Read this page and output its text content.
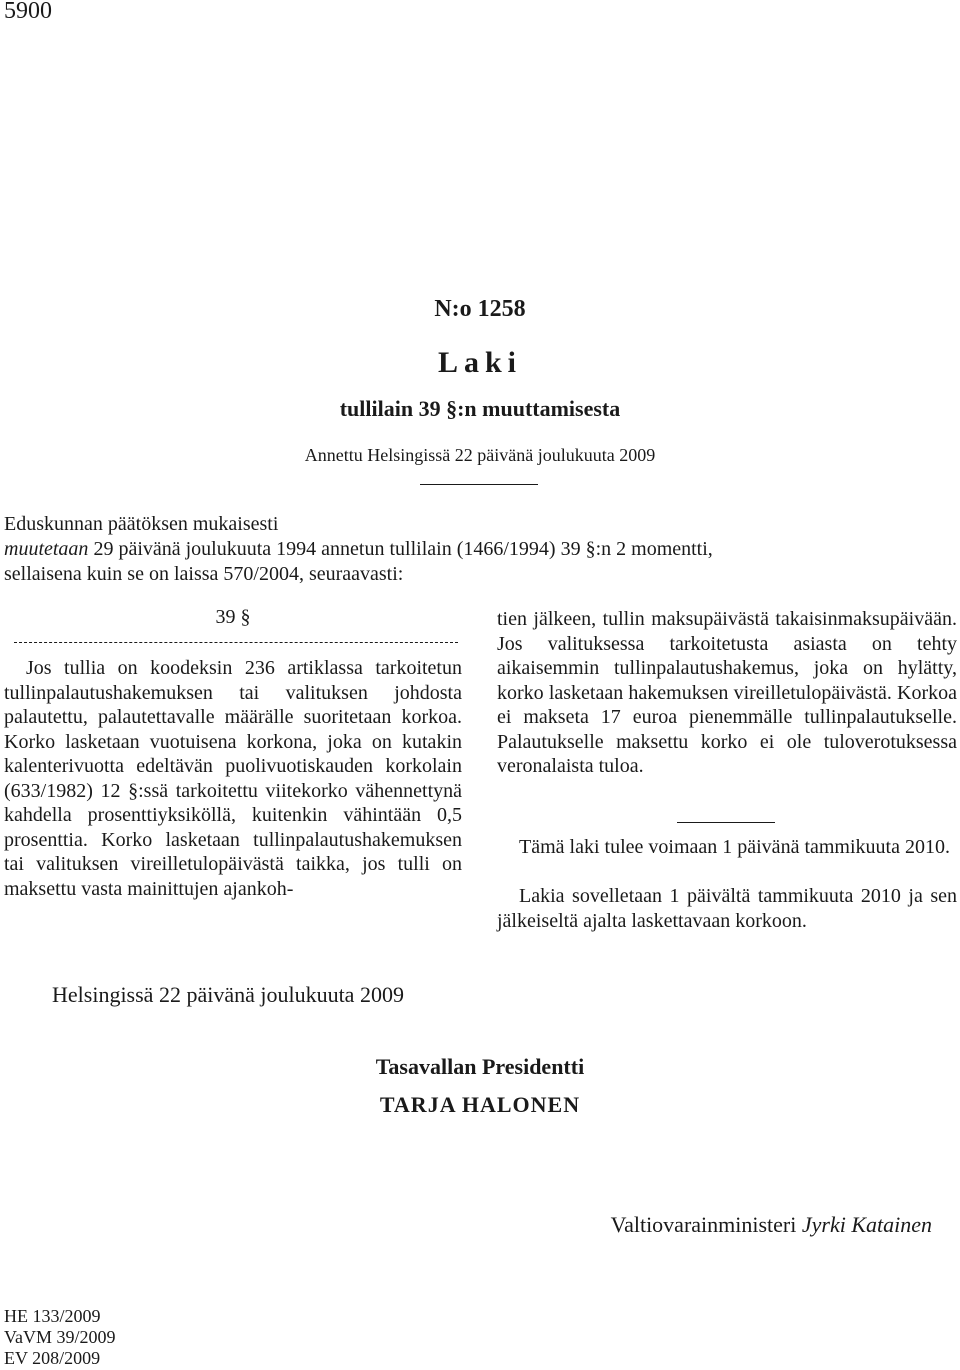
5900
N:o 1258
Laki
tullilain 39 §:n muuttamisesta
Annettu Helsingissä 22 päivänä joulukuuta 2009
Eduskunnan päätöksen mukaisesti
muutetaan 29 päivänä joulukuuta 1994 annetun tullilain (1466/1994) 39 §:n 2 momentti,
sellaisena kuin se on laissa 570/2004, seuraavasti:
39 §

Jos tullia on koodeksin 236 artiklassa tarkoitetun tullinpalautushakemuksen tai valituksen johdosta palautettu, palautettavalle määrälle suoritetaan korkoa. Korko lasketaan vuotuisena korkona, joka on kutakin kalenterivuotta edeltävän puolivuotiskauden korkolain (633/1982) 12 §:ssä tarkoitettu viitekorko vähennettynä kahdella prosenttiyksiköllä, kuitenkin vähintään 0,5 prosenttia. Korko lasketaan tullinpalautushakemuksen tai valituksen vireilletulopäivästä taikka, jos tulli on maksettu vasta mainittujen ajankoh-

tien jälkeen, tullin maksupäivästä takaisinmaksupäivään. Jos valituksessa tarkoitetusta asiasta on tehty aikaisemmin tullinpalautushakemus, joka on hylätty, korko lasketaan hakemuksen vireilletulopäivästä. Korkoa ei makseta 17 euroa pienemmälle tullinpalautukselle. Palautukselle maksettu korko ei ole tuloverotuksessa veronalaista tuloa.

Tämä laki tulee voimaan 1 päivänä tammikuuta 2010.

Lakia sovelletaan 1 päivältä tammikuuta 2010 ja sen jälkeiseltä ajalta laskettavaan korkoon.

Helsingissä 22 päivänä joulukuuta 2009
Tasavallan Presidentti
TARJA HALONEN
Valtiovarainministeri Jyrki Katainen
HE 133/2009
VaVM 39/2009
EV 208/2009
